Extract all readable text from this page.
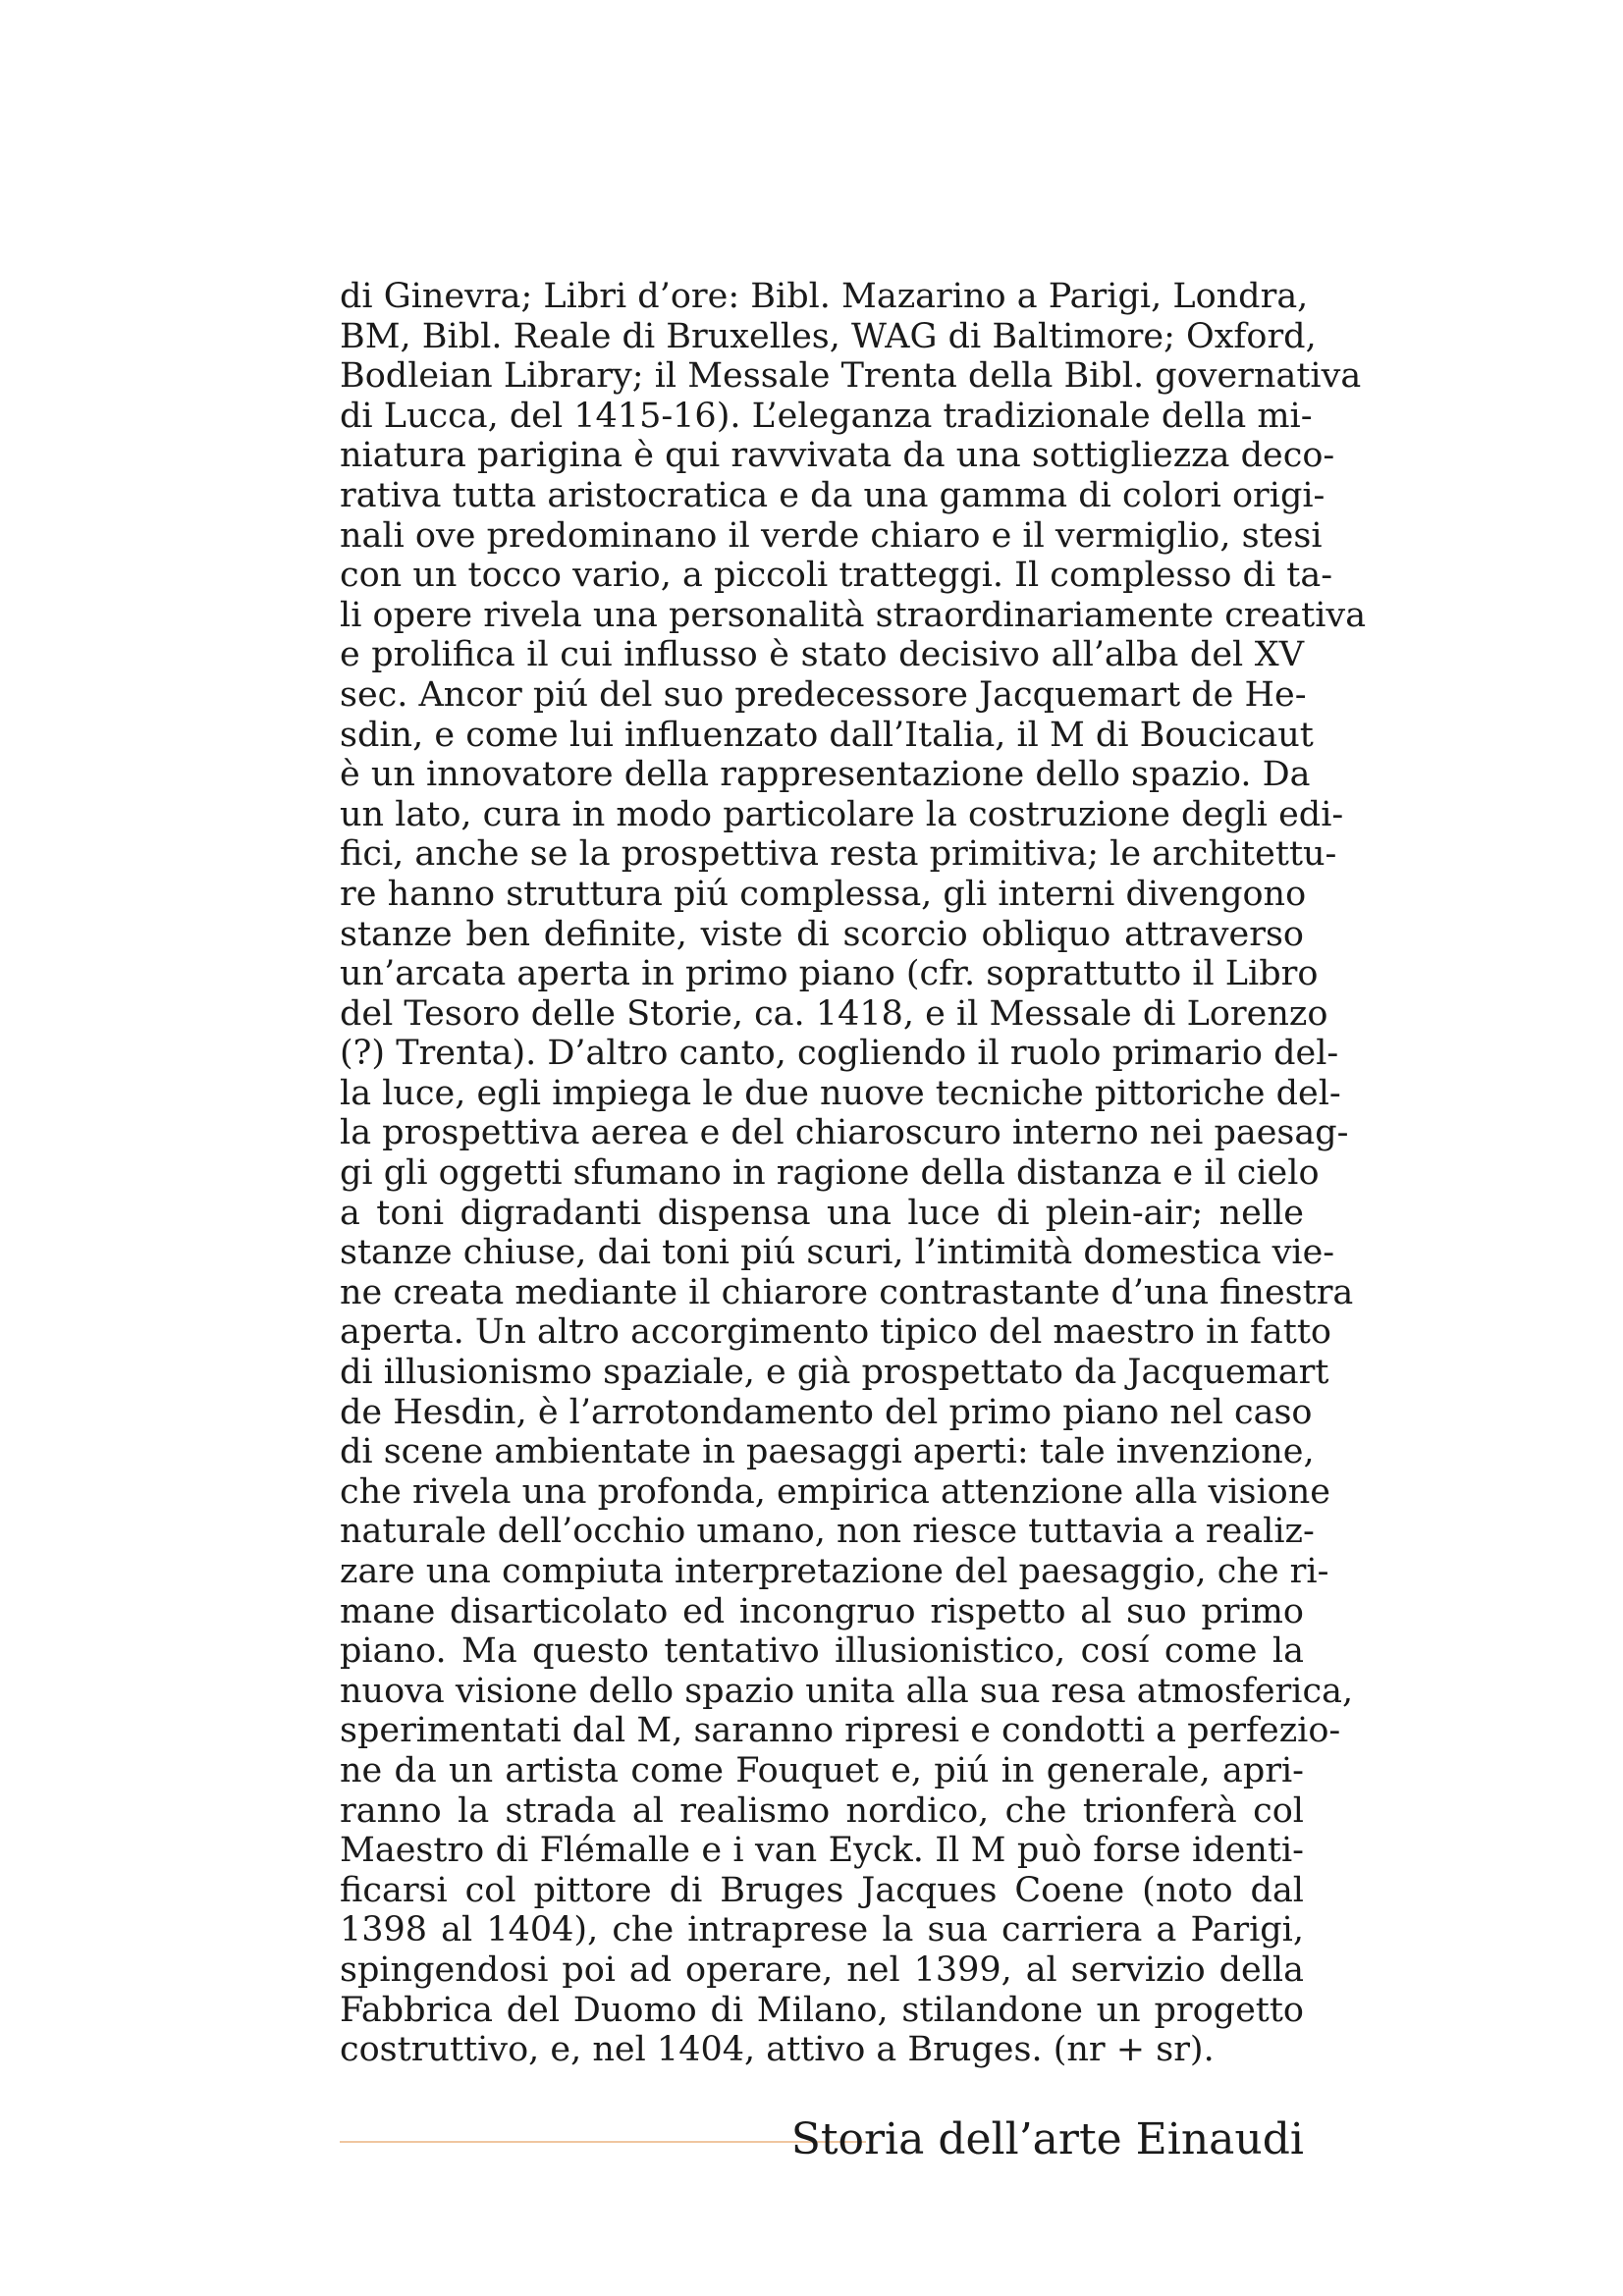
di Ginevra; Libri d’ore: Bibl. Mazarino a Parigi, Londra,
BM, Bibl. Reale di Bruxelles, WAG di Baltimore; Oxford,
Bodleian Library; il Messale Trenta della Bibl. governativa
di Lucca, del 1415-16). L’eleganza tradizionale della mi-
niatura parigina è qui ravvivata da una sottigliezza deco-
rativa tutta aristocratica e da una gamma di colori origi-
nali ove predominano il verde chiaro e il vermiglio, stesi
con un tocco vario, a piccoli tratteggi. Il complesso di ta-
li opere rivela una personalità straordinariamente creativa
e prolifica il cui influsso è stato decisivo all’alba del XV
sec. Ancor piú del suo predecessore Jacquemart de He-
sdin, e come lui influenzato dall’Italia, il M di Boucicaut
è un innovatore della rappresentazione dello spazio. Da
un lato, cura in modo particolare la costruzione degli edi-
fici, anche se la prospettiva resta primitiva; le architettu-
re hanno struttura piú complessa, gli interni divengono
stanze ben definite, viste di scorcio obliquo attraverso
un’arcata aperta in primo piano (cfr. soprattutto il Libro
del Tesoro delle Storie, ca. 1418, e il Messale di Lorenzo
(?) Trenta). D’altro canto, cogliendo il ruolo primario del-
la luce, egli impiega le due nuove tecniche pittoriche del-
la prospettiva aerea e del chiaroscuro interno nei paesag-
gi gli oggetti sfumano in ragione della distanza e il cielo
a toni digradanti dispensa una luce di plein-air; nelle
stanze chiuse, dai toni piú scuri, l’intimità domestica vie-
ne creata mediante il chiarore contrastante d’una finestra
aperta. Un altro accorgimento tipico del maestro in fatto
di illusionismo spaziale, e già prospettato da Jacquemart
de Hesdin, è l’arrotondamento del primo piano nel caso
di scene ambientate in paesaggi aperti: tale invenzione,
che rivela una profonda, empirica attenzione alla visione
naturale dell’occhio umano, non riesce tuttavia a realiz-
zare una compiuta interpretazione del paesaggio, che ri-
mane disarticolato ed incongruo rispetto al suo primo
piano. Ma questo tentativo illusionistico, cosí come la
nuova visione dello spazio unita alla sua resa atmosferica,
sperimentati dal M, saranno ripresi e condotti a perfezio-
ne da un artista come Fouquet e, piú in generale, apri-
ranno la strada al realismo nordico, che trionferà col
Maestro di Flémalle e i van Eyck. Il M può forse identi-
ficarsi col pittore di Bruges Jacques Coene (noto dal
1398 al 1404), che intraprese la sua carriera a Parigi,
spingendosi poi ad operare, nel 1399, al servizio della
Fabbrica del Duomo di Milano, stilandone un progetto
costruttivo, e, nel 1404, attivo a Bruges. (nr + sr).
Storia dell’arte Einaudi
